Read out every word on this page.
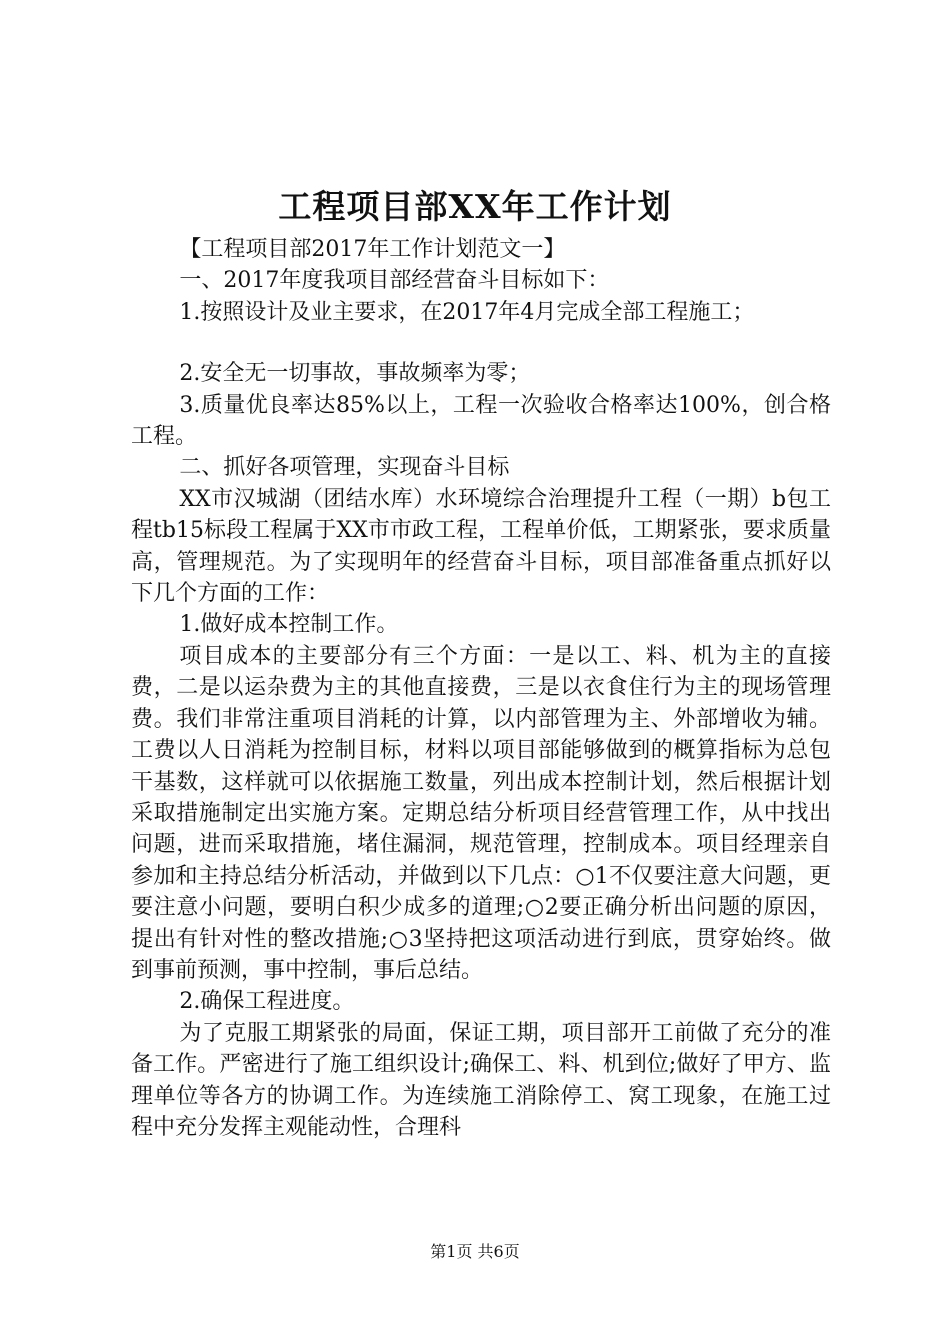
工程项目部XX年工作计划

【工程项目部2017年工作计划范文一】

一、2017年度我项目部经营奋斗目标如下：

1.按照设计及业主要求，在2017年4月完成全部工程施工；

2.安全无一切事故，事故频率为零；

3.质量优良率达85%以上，工程一次验收合格率达100%，创合格工程。

二、抓好各项管理，实现奋斗目标

XX市汉城湖（团结水库）水环境综合治理提升工程（一期）b包工程tb15标段工程属于XX市市政工程，工程单价低，工期紧张，要求质量高，管理规范。为了实现明年的经营奋斗目标，项目部准备重点抓好以下几个方面的工作：

1.做好成本控制工作。

项目成本的主要部分有三个方面：一是以工、料、机为主的直接费，二是以运杂费为主的其他直接费，三是以衣食住行为主的现场管理费。我们非常注重项目消耗的计算，以内部管理为主、外部增收为辅。工费以人日消耗为控制目标，材料以项目部能够做到的概算指标为总包干基数，这样就可以依据施工数量，列出成本控制计划，然后根据计划采取措施制定出实施方案。定期总结分析项目经营管理工作，从中找出问题，进而采取措施，堵住漏洞，规范管理，控制成本。项目经理亲自参加和主持总结分析活动，并做到以下几点：○1不仅要注意大问题，更要注意小问题，要明白积少成多的道理;○2要正确分析出问题的原因，提出有针对性的整改措施;○3坚持把这项活动进行到底，贯穿始终。做到事前预测，事中控制，事后总结。

2.确保工程进度。

为了克服工期紧张的局面，保证工期，项目部开工前做了充分的准备工作。严密进行了施工组织设计;确保工、料、机到位;做好了甲方、监理单位等各方的协调工作。为连续施工消除停工、窝工现象，在施工过程中充分发挥主观能动性，合理科

第1页 共6页
